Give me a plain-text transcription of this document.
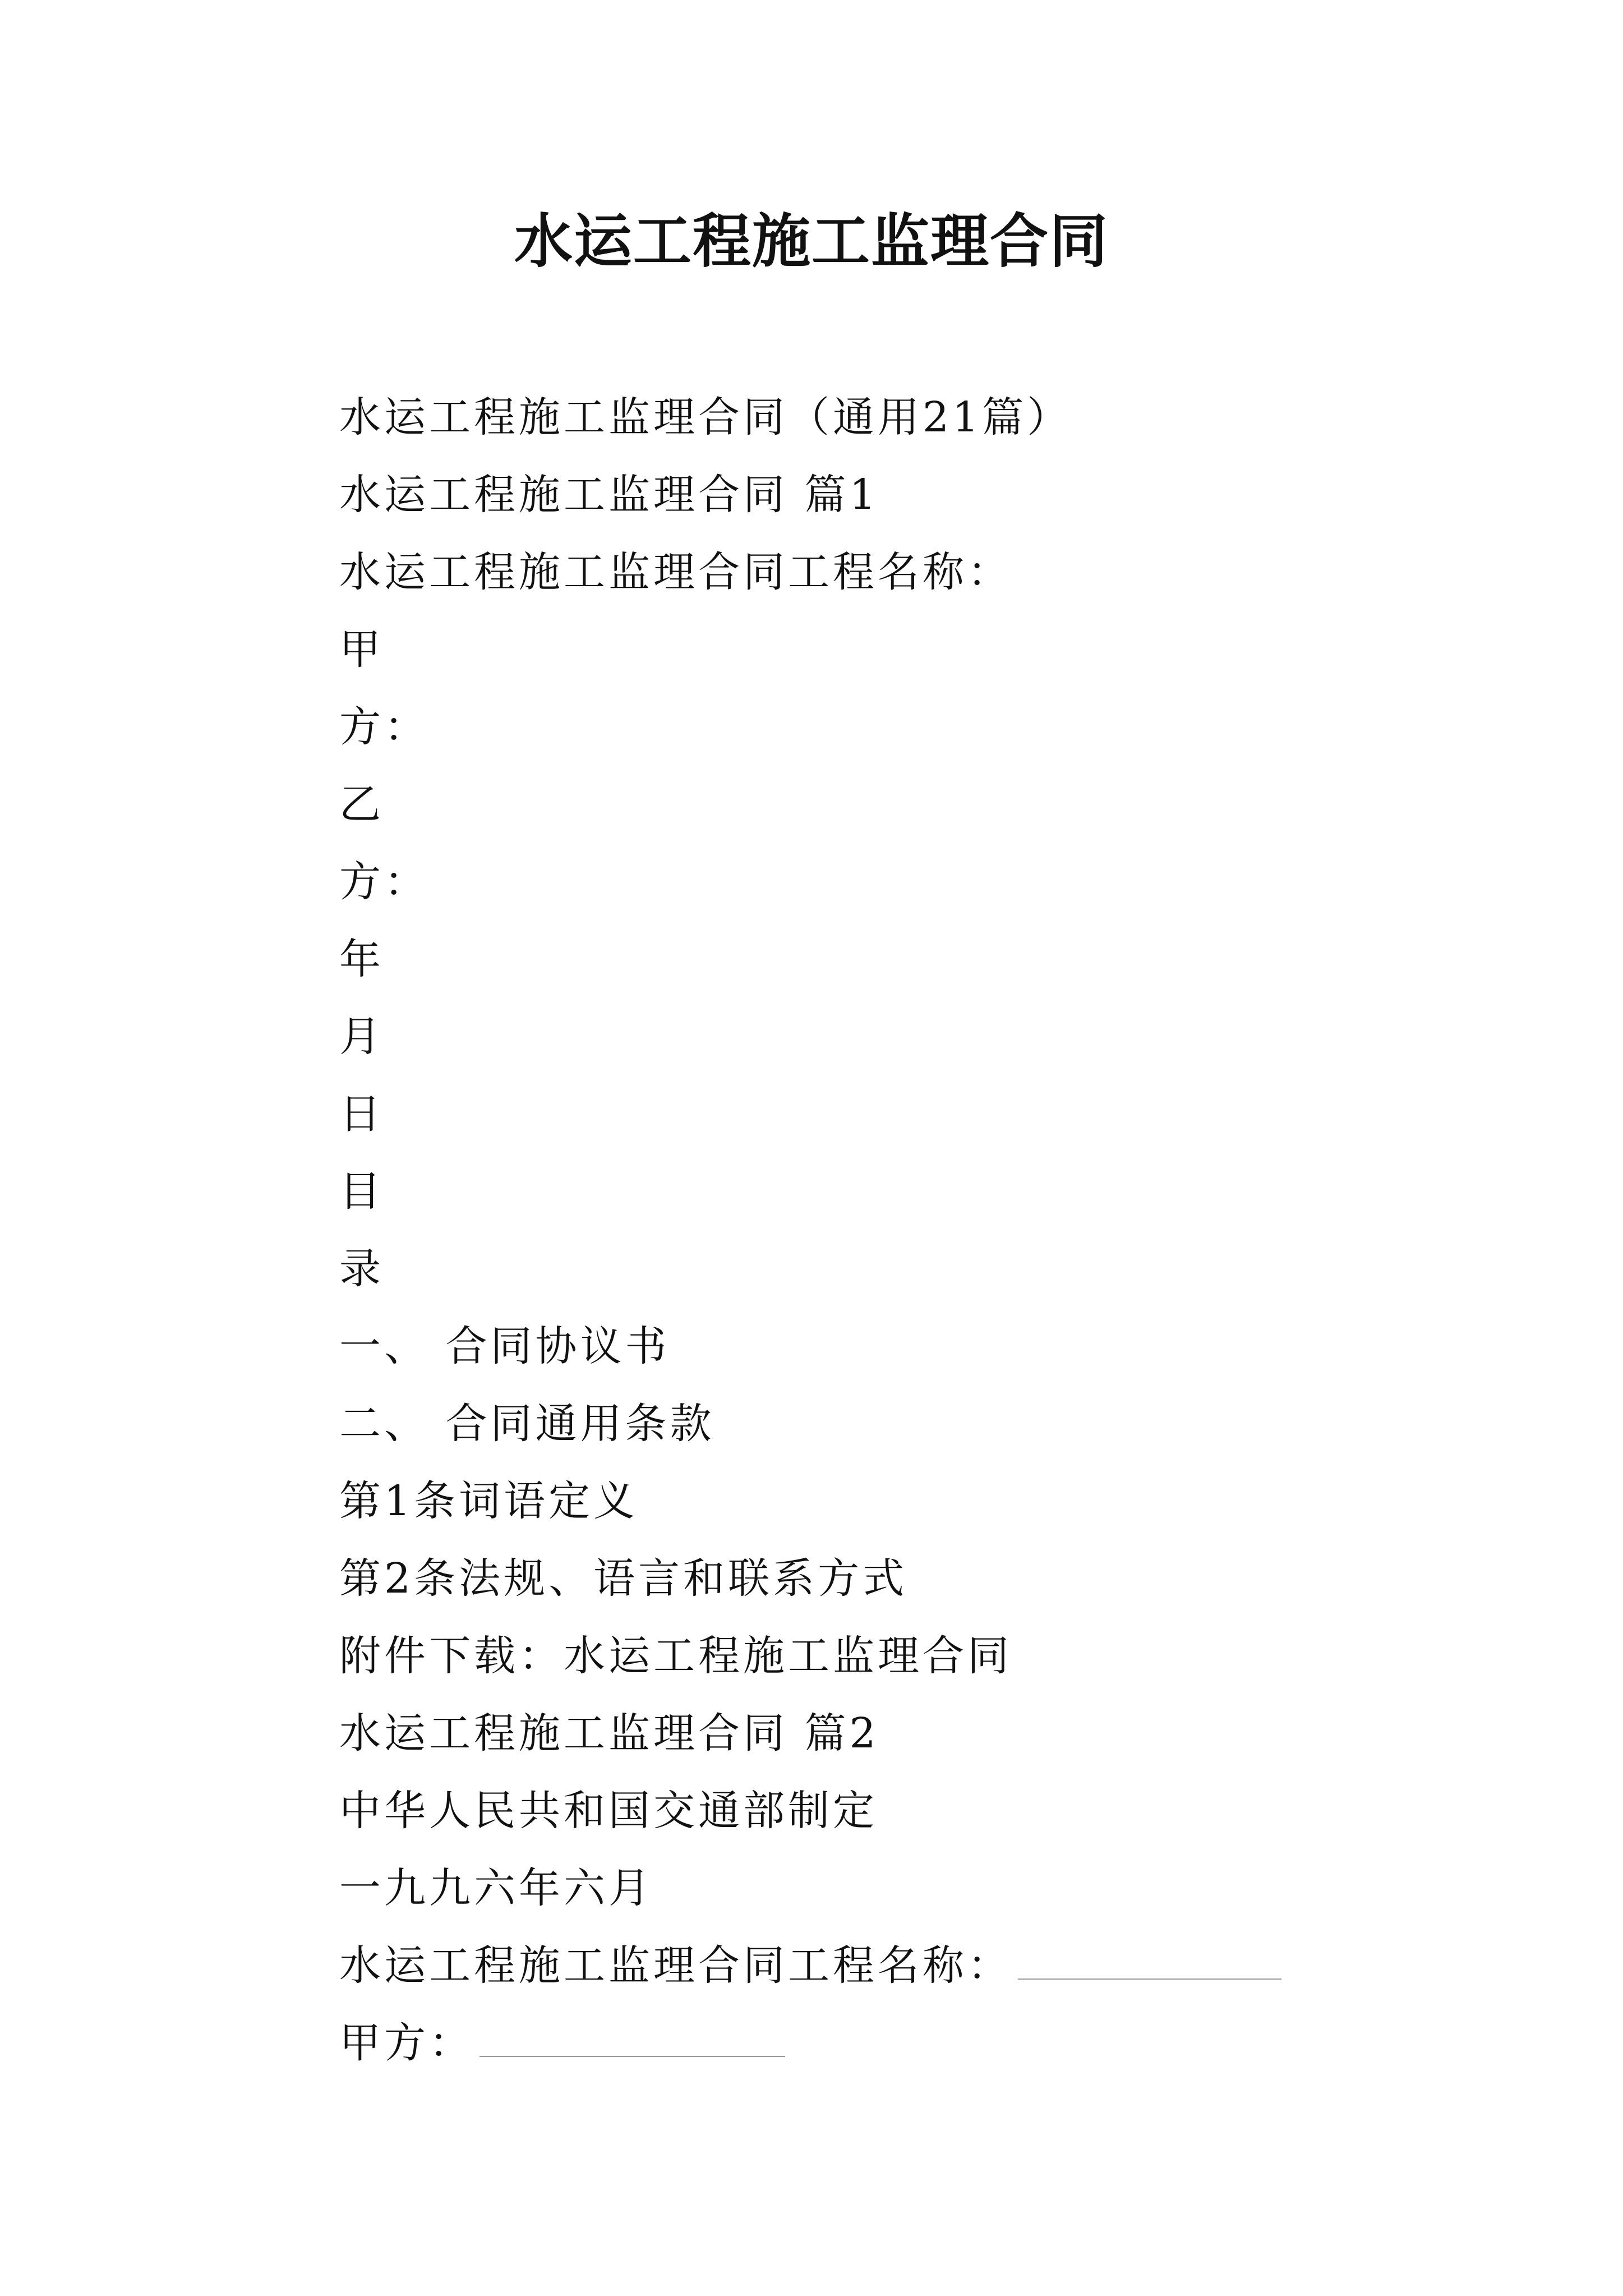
水运工程施工监理合同
水运工程施工监理合同（通用21篇）
水运工程施工监理合同 篇1
水运工程施工监理合同工程名称：
甲
方：
乙
方：
年
月
日
目
录
一、 合同协议书
二、 合同通用条款
第1条词语定义
第2条法规、语言和联系方式
附件下载：水运工程施工监理合同
水运工程施工监理合同 篇2
中华人民共和国交通部制定
一九九六年六月
水运工程施工监理合同工程名称：
甲方：
